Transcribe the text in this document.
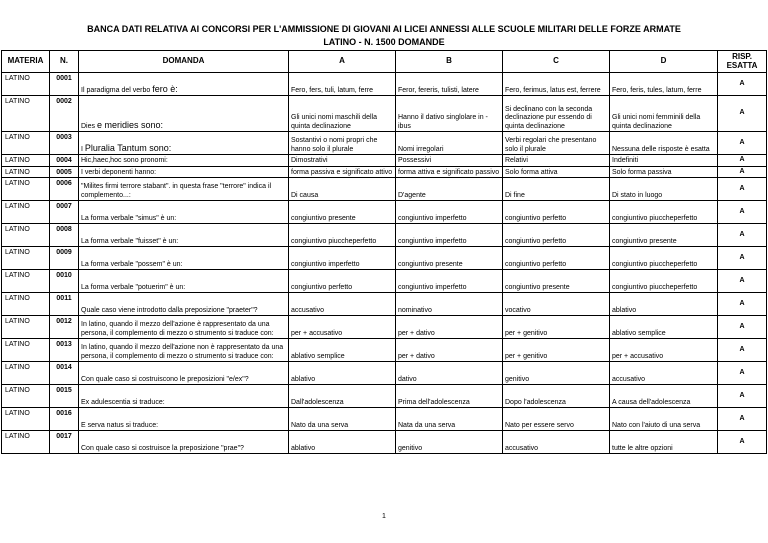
BANCA DATI RELATIVA AI CONCORSI PER L'AMMISSIONE DI GIOVANI AI LICEI ANNESSI ALLE SCUOLE MILITARI DELLE FORZE ARMATE
LATINO - N. 1500 DOMANDE
MATERIA	N.	DOMANDA	A	B	C	D	RISP. ESATTA
LATINO	0001	Il paradigma del verbo fero è:	Fero, fers, tuli, latum, ferre	Feror, fereris, tulisti, latere	Fero, ferimus, latus est, ferrere	Fero, feris, tules, latum, ferre	A
LATINO	0002	Dies e meridies sono:	Gli unici nomi maschili della quinta declinazione	Hanno il dativo singlolare in -ibus	Si declinano con la seconda declinazione pur essendo di quinta declinazione	Gli unici nomi femminili della quinta declinazione	A
LATINO	0003	I Pluralia Tantum sono:	Sostantivi o nomi propri che hanno solo il plurale	Nomi irregolari	Verbi regolari che presentano solo il plurale	Nessuna delle risposte è esatta	A
LATINO	0004	Hic,haec,hoc sono pronomi:	Dimostrativi	Possessivi	Relativi	Indefiniti	A
LATINO	0005	I verbi deponenti hanno:	forma passiva e significato attivo	forma attiva e significato passivo	Solo forma attiva	Solo forma passiva	A
LATINO	0006	"Milites firmi terrore stabant". in questa frase "terrore" indica il complemento...:	Di causa	D'agente	Di fine	Di stato in luogo	A
LATINO	0007	La forma verbale "simus" è un:	congiuntivo presente	congiuntivo imperfetto	congiuntivo perfetto	congiuntivo piuccheperfetto	A
LATINO	0008	La forma verbale "fuisset" è un:	congiuntivo piuccheperfetto	congiuntivo imperfetto	congiuntivo perfetto	congiuntivo presente	A
LATINO	0009	La forma verbale "possem" è un:	congiuntivo imperfetto	congiuntivo presente	congiuntivo perfetto	congiuntivo piuccheperfetto	A
LATINO	0010	La forma verbale "potuerim" è un:	congiuntivo perfetto	congiuntivo imperfetto	congiuntivo presente	congiuntivo piuccheperfetto	A
LATINO	0011	Quale caso viene introdotto dalla preposizione "praeter"?	accusativo	nominativo	vocativo	ablativo	A
LATINO	0012	In latino, quando il mezzo dell'azione è rappresentato da una persona, il complemento di mezzo o strumento si traduce con:	per + accusativo	per + dativo	per + genitivo	ablativo semplice	A
LATINO	0013	In latino, quando il mezzo dell'azione non è rappresentato da una persona, il complemento di mezzo o strumento si traduce con:	ablativo semplice	per + dativo	per + genitivo	per + accusativo	A
LATINO	0014	Con quale caso si costruiscono le preposizioni "e/ex"?	ablativo	dativo	genitivo	accusativo	A
LATINO	0015	Ex adulescentia si traduce:	Dall'adolescenza	Prima dell'adolescenza	Dopo l'adolescenza	A causa dell'adolescenza	A
LATINO	0016	E serva natus si traduce:	Nato da una serva	Nata da una serva	Nato per essere servo	Nato con l'aiuto di una serva	A
LATINO	0017	Con quale caso si costruisce la preposizione "prae"?	ablativo	genitivo	accusativo	tutte le altre opzioni	A
1
